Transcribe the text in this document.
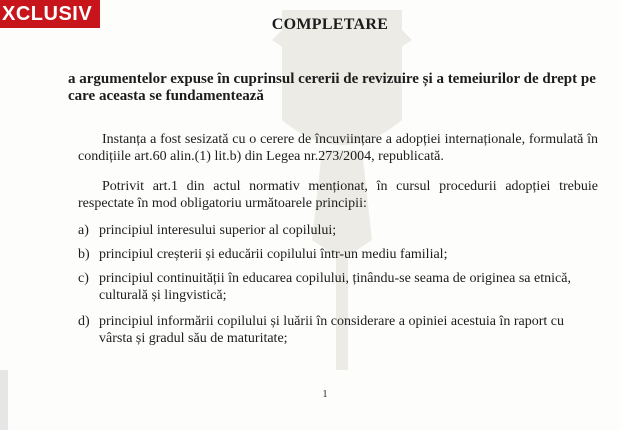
XCLUSIV	COMPLETARE
a argumentelor expuse în cuprinsul cererii de revizuire și a temeiurilor de drept pe care aceasta se fundamentează
Instanța a fost sesizată cu o cerere de încuviințare a adopției internaționale, formulată în condițiile art.60 alin.(1) lit.b) din Legea nr.273/2004, republicată.
Potrivit art.1 din actul normativ menționat, în cursul procedurii adopției trebuie respectate în mod obligatoriu următoarele principii:
a) principiul interesului superior al copilului;
b) principiul creșterii și educării copilului într-un mediu familial;
c) principiul continuității în educarea copilului, ținându-se seama de originea sa etnică, culturală și lingvistică;
d) principiul informării copilului și luării în considerare a opiniei acestuia în raport cu vârsta și gradul său de maturitate;
1
